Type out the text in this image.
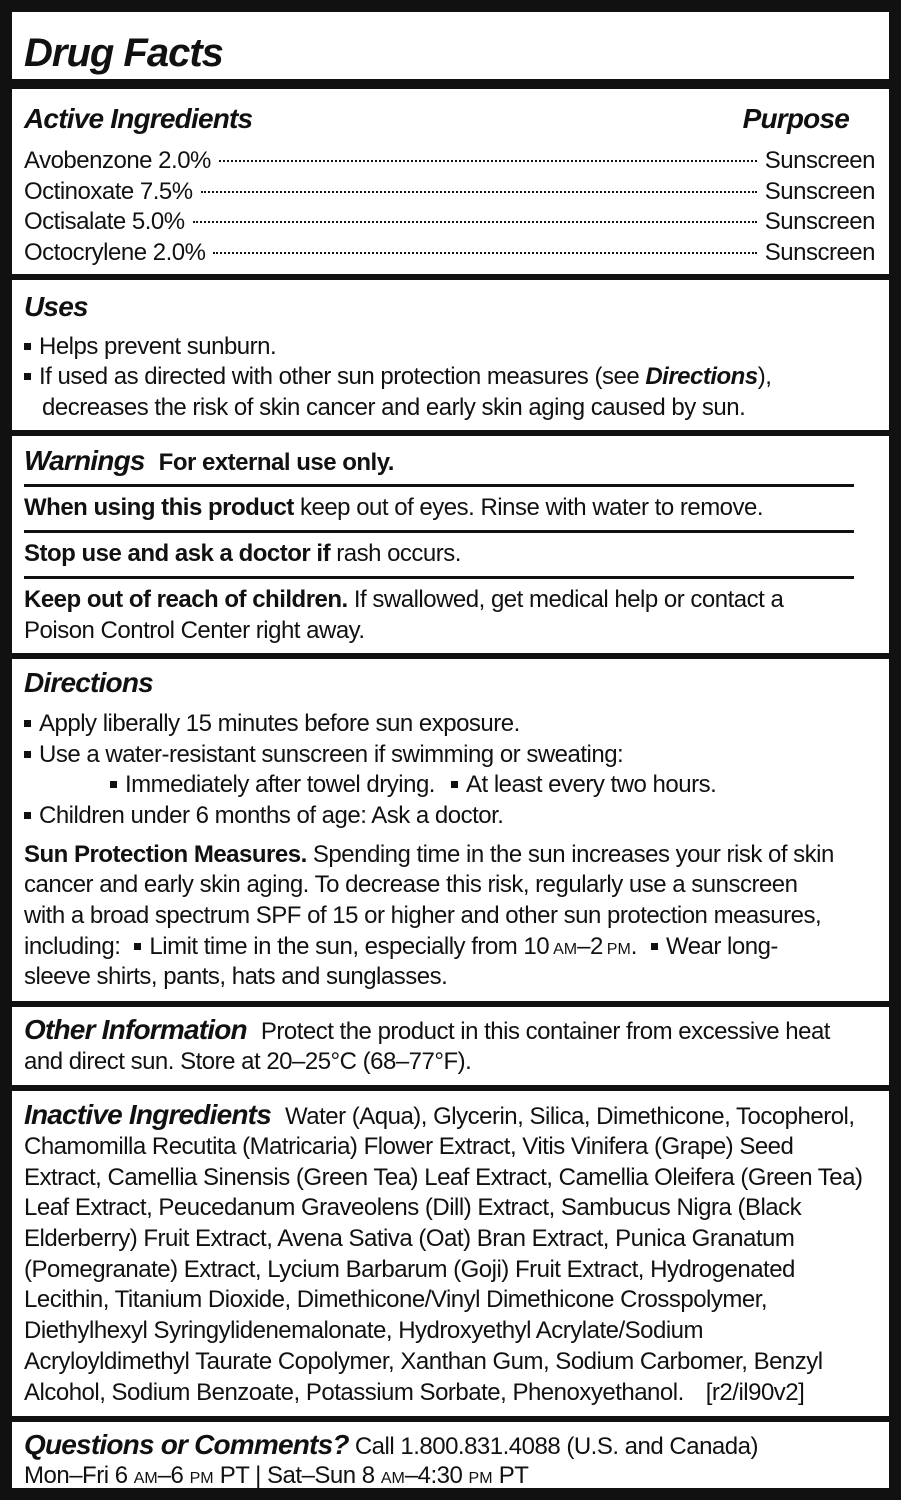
Drug Facts
Active Ingredients	Purpose
Avobenzone 2.0%	Sunscreen
Octinoxate 7.5%	Sunscreen
Octisalate 5.0%	Sunscreen
Octocrylene 2.0%	Sunscreen
Uses
Helps prevent sunburn.
If used as directed with other sun protection measures (see Directions),
decreases the risk of skin cancer and early skin aging caused by sun.
Warnings For external use only.
When using this product keep out of eyes. Rinse with water to remove.
Stop use and ask a doctor if rash occurs.
Keep out of reach of children. If swallowed, get medical help or contact a
Poison Control Center right away.
Directions
Apply liberally 15 minutes before sun exposure.
Use a water-resistant sunscreen if swimming or sweating:
Immediately after towel drying. At least every two hours.
Children under 6 months of age: Ask a doctor.
Sun Protection Measures. Spending time in the sun increases your risk of skin
cancer and early skin aging. To decrease this risk, regularly use a sunscreen
with a broad spectrum SPF of 15 or higher and other sun protection measures,
including: Limit time in the sun, especially from 10 AM–2 PM. Wear long-
sleeve shirts, pants, hats and sunglasses.
Other Information Protect the product in this container from excessive heat
and direct sun. Store at 20–25°C (68–77°F).
Inactive Ingredients Water (Aqua), Glycerin, Silica, Dimethicone, Tocopherol,
Chamomilla Recutita (Matricaria) Flower Extract, Vitis Vinifera (Grape) Seed
Extract, Camellia Sinensis (Green Tea) Leaf Extract, Camellia Oleifera (Green Tea)
Leaf Extract, Peucedanum Graveolens (Dill) Extract, Sambucus Nigra (Black
Elderberry) Fruit Extract, Avena Sativa (Oat) Bran Extract, Punica Granatum
(Pomegranate) Extract, Lycium Barbarum (Goji) Fruit Extract, Hydrogenated
Lecithin, Titanium Dioxide, Dimethicone/Vinyl Dimethicone Crosspolymer,
Diethylhexyl Syringylidenemalonate, Hydroxyethyl Acrylate/Sodium
Acryloyldimethyl Taurate Copolymer, Xanthan Gum, Sodium Carbomer, Benzyl
Alcohol, Sodium Benzoate, Potassium Sorbate, Phenoxyethanol. [r2/il90v2]
Questions or Comments? Call 1.800.831.4088 (U.S. and Canada)
Mon–Fri 6 AM–6 PM PT | Sat–Sun 8 AM–4:30 PM PT
